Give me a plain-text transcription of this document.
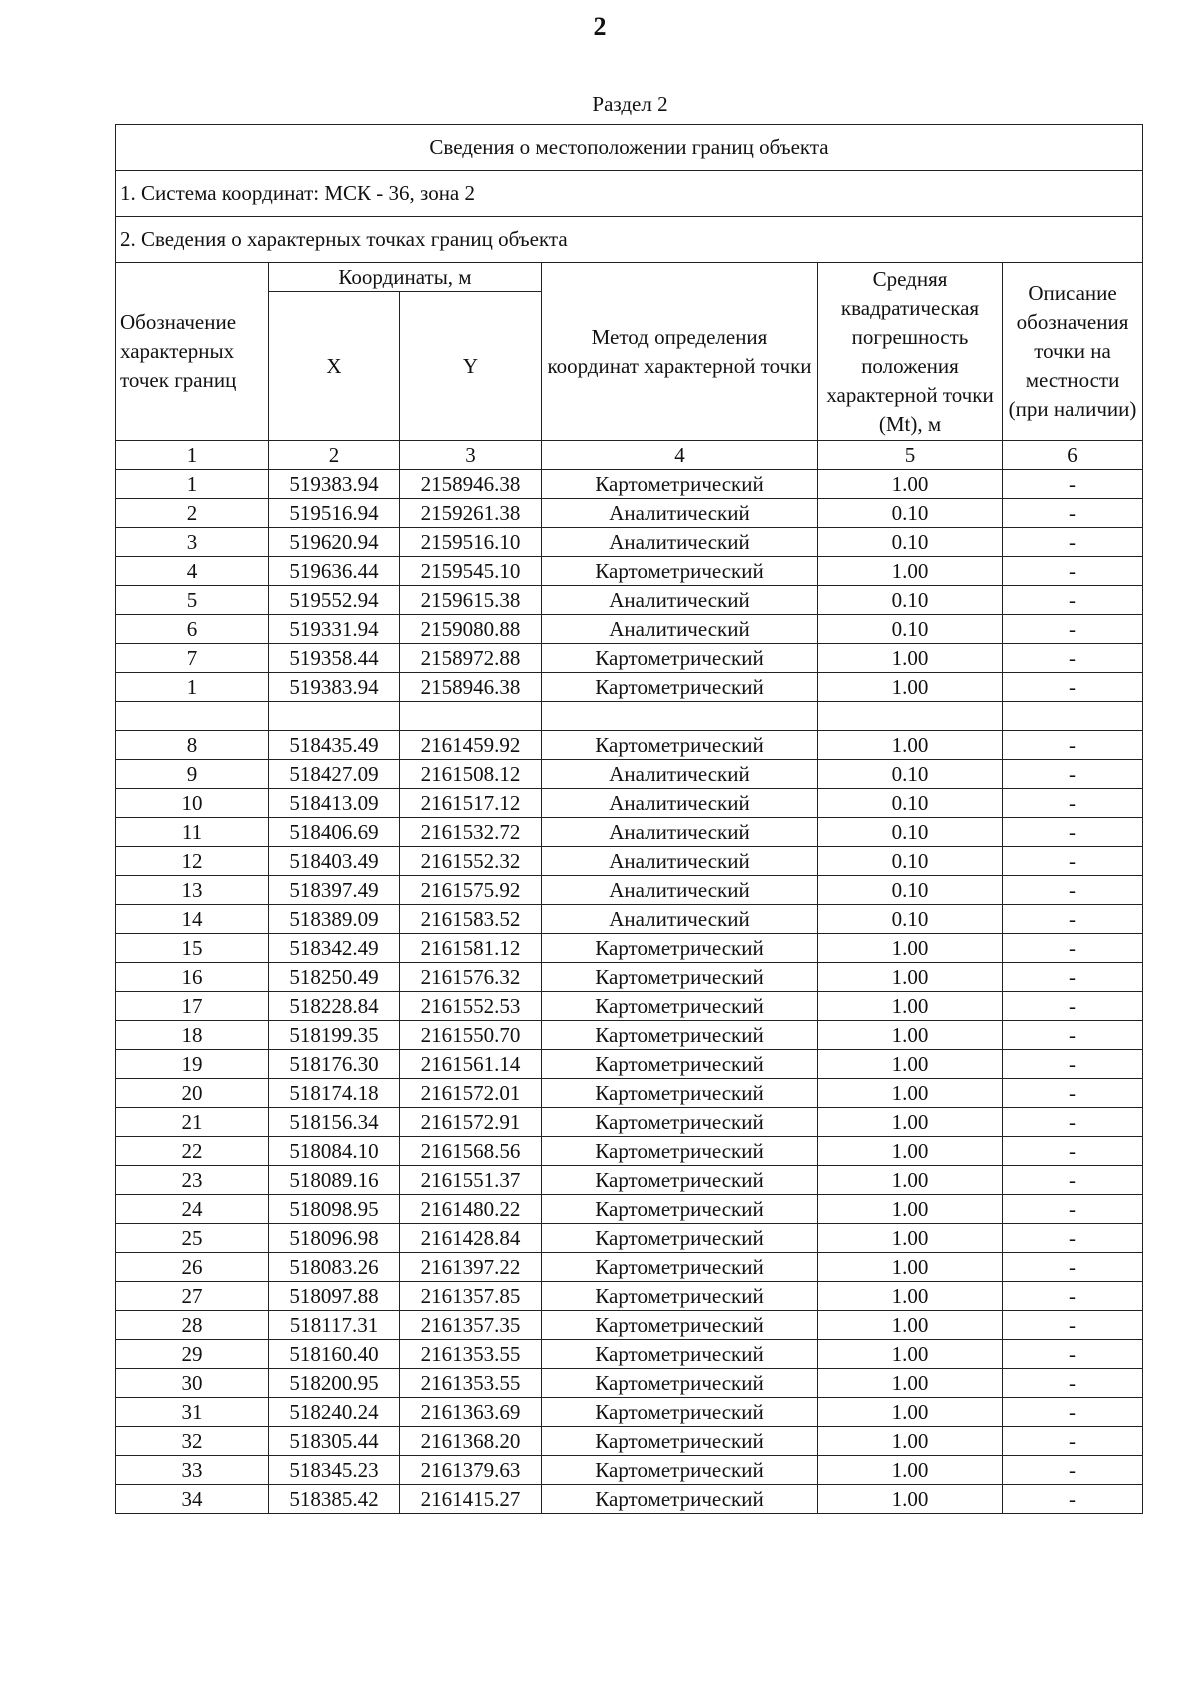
2
Раздел 2
Сведения о местоположении границ объекта					
1. Система координат: МСК - 36, зона 2					
2. Сведения о характерных точках границ объекта					
Обозначение характерных точек границ	Координаты, м		Метод определения координат характерной точки	Средняя квадратическая погрешность положения характерной точки (Mt), м	Описание обозначения точки на местности (при наличии)
	X	Y			
1	2	3	4	5	6
1	519383.94	2158946.38	Картометрический	1.00	-
2	519516.94	2159261.38	Аналитический	0.10	-
3	519620.94	2159516.10	Аналитический	0.10	-
4	519636.44	2159545.10	Картометрический	1.00	-
5	519552.94	2159615.38	Аналитический	0.10	-
6	519331.94	2159080.88	Аналитический	0.10	-
7	519358.44	2158972.88	Картометрический	1.00	-
1	519383.94	2158946.38	Картометрический	1.00	-

8	518435.49	2161459.92	Картометрический	1.00	-
9	518427.09	2161508.12	Аналитический	0.10	-
10	518413.09	2161517.12	Аналитический	0.10	-
11	518406.69	2161532.72	Аналитический	0.10	-
12	518403.49	2161552.32	Аналитический	0.10	-
13	518397.49	2161575.92	Аналитический	0.10	-
14	518389.09	2161583.52	Аналитический	0.10	-
15	518342.49	2161581.12	Картометрический	1.00	-
16	518250.49	2161576.32	Картометрический	1.00	-
17	518228.84	2161552.53	Картометрический	1.00	-
18	518199.35	2161550.70	Картометрический	1.00	-
19	518176.30	2161561.14	Картометрический	1.00	-
20	518174.18	2161572.01	Картометрический	1.00	-
21	518156.34	2161572.91	Картометрический	1.00	-
22	518084.10	2161568.56	Картометрический	1.00	-
23	518089.16	2161551.37	Картометрический	1.00	-
24	518098.95	2161480.22	Картометрический	1.00	-
25	518096.98	2161428.84	Картометрический	1.00	-
26	518083.26	2161397.22	Картометрический	1.00	-
27	518097.88	2161357.85	Картометрический	1.00	-
28	518117.31	2161357.35	Картометрический	1.00	-
29	518160.40	2161353.55	Картометрический	1.00	-
30	518200.95	2161353.55	Картометрический	1.00	-
31	518240.24	2161363.69	Картометрический	1.00	-
32	518305.44	2161368.20	Картометрический	1.00	-
33	518345.23	2161379.63	Картометрический	1.00	-
34	518385.42	2161415.27	Картометрический	1.00	-
